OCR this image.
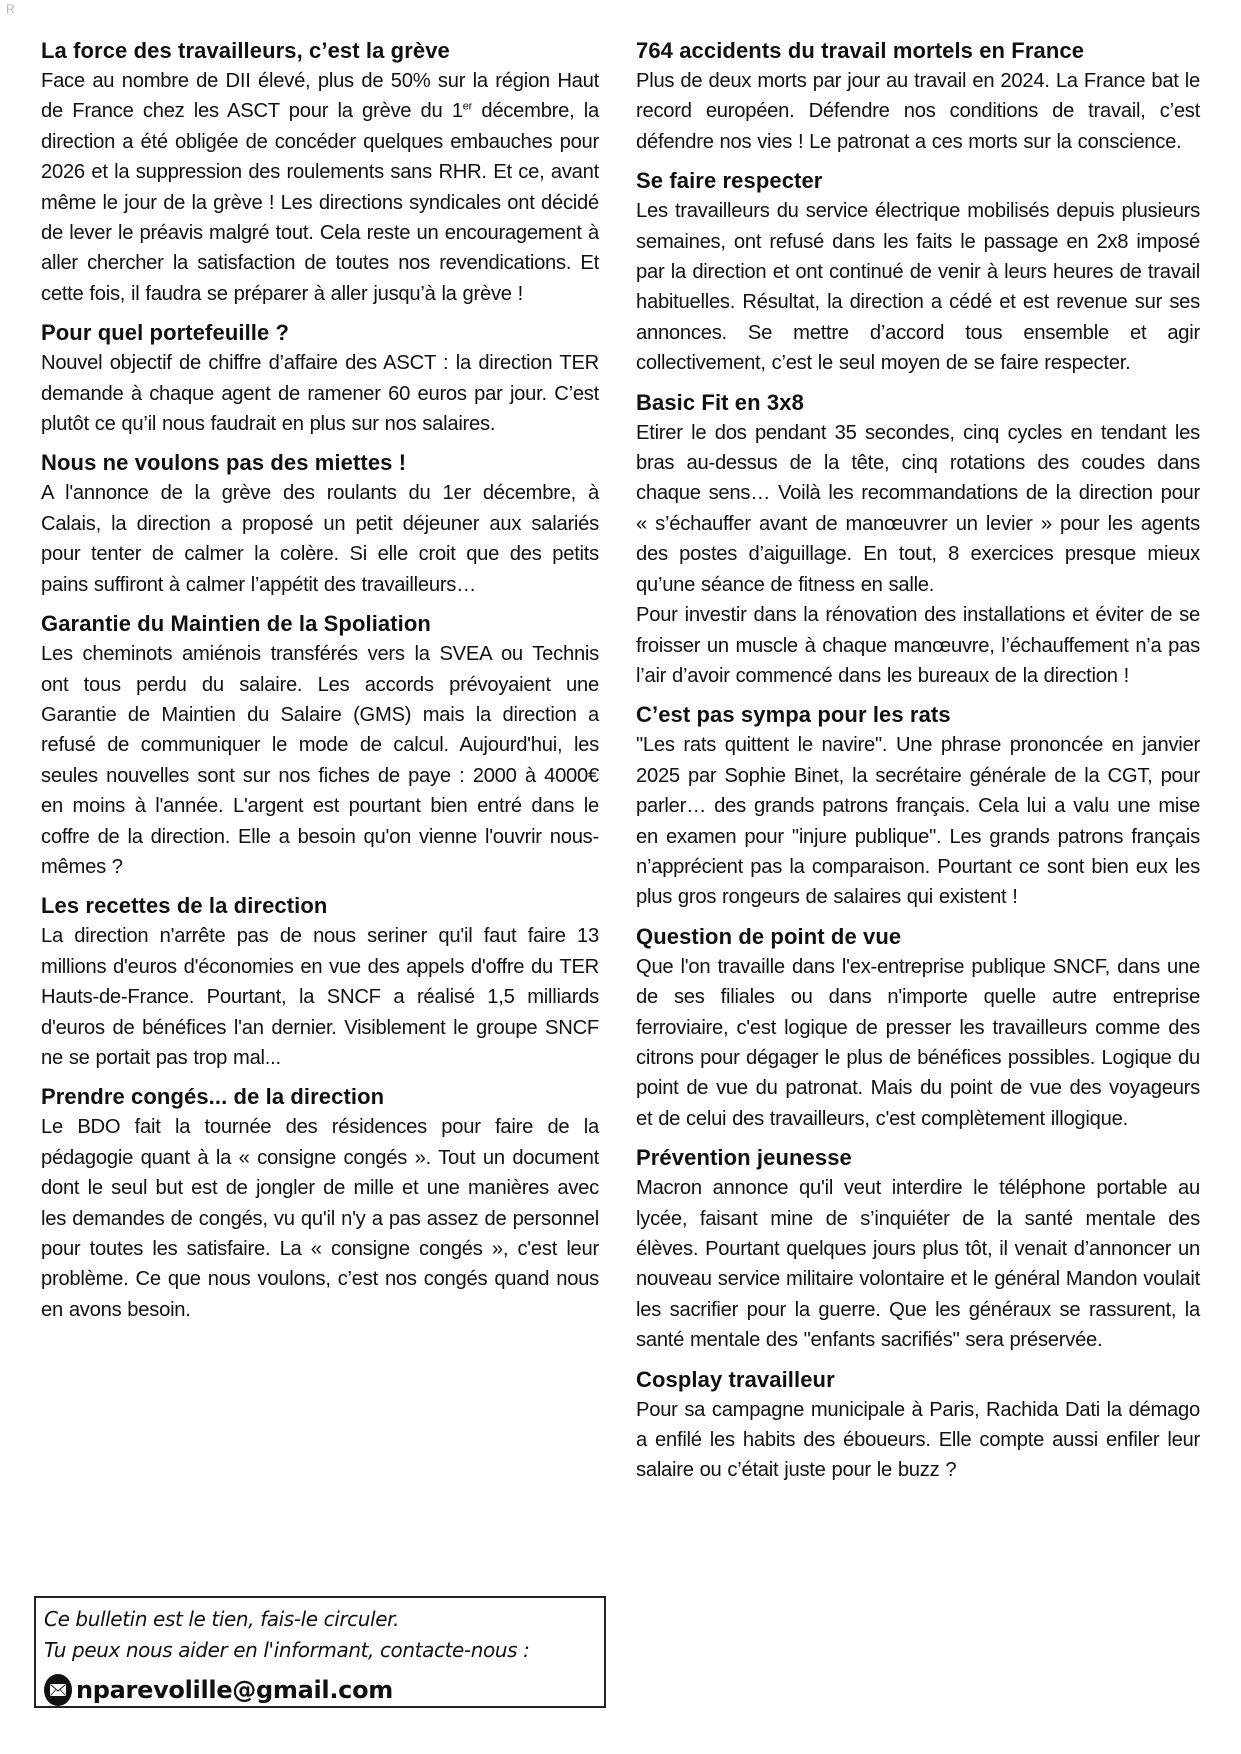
R
La force des travailleurs, c’est la grève

Face au nombre de DII élevé, plus de 50% sur la région Haut de France chez les ASCT pour la grève du 1er décembre, la direction a été obligée de concéder quelques embauches pour 2026 et la suppression des roulements sans RHR. Et ce, avant même le jour de la grève ! Les directions syndicales ont décidé de lever le préavis malgré tout. Cela reste un encouragement à aller chercher la satisfaction de toutes nos revendications. Et cette fois, il faudra se préparer à aller jusqu’à la grève !

Pour quel portefeuille ?

Nouvel objectif de chiffre d’affaire des ASCT : la direction TER demande à chaque agent de ramener 60 euros par jour. C’est plutôt ce qu’il nous faudrait en plus sur nos salaires.

Nous ne voulons pas des miettes !

A l'annonce de la grève des roulants du 1er décembre, à Calais, la direction a proposé un petit déjeuner aux salariés pour tenter de calmer la colère. Si elle croit que des petits pains suffiront à calmer l’appétit des travailleurs…

Garantie du Maintien de la Spoliation

Les cheminots amiénois transférés vers la SVEA ou Technis ont tous perdu du salaire. Les accords prévoyaient une Garantie de Maintien du Salaire (GMS) mais la direction a refusé de communiquer le mode de calcul. Aujourd'hui, les seules nouvelles sont sur nos fiches de paye : 2000 à 4000€ en moins à l'année. L'argent est pourtant bien entré dans le coffre de la direction. Elle a besoin qu'on vienne l'ouvrir nous-mêmes ?

Les recettes de la direction

La direction n'arrête pas de nous seriner qu'il faut faire 13 millions d'euros d'économies en vue des appels d'offre du TER Hauts-de-France. Pourtant, la SNCF a réalisé 1,5 milliards d'euros de bénéfices l'an dernier. Visiblement le groupe SNCF ne se portait pas trop mal...

Prendre congés... de la direction

Le BDO fait la tournée des résidences pour faire de la pédagogie quant à la « consigne congés ». Tout un document dont le seul but est de jongler de mille et une manières avec les demandes de congés, vu qu'il n'y a pas assez de personnel pour toutes les satisfaire. La « consigne congés », c'est leur problème. Ce que nous voulons, c’est nos congés quand nous en avons besoin.

764 accidents du travail mortels en France

Plus de deux morts par jour au travail en 2024. La France bat le record européen. Défendre nos conditions de travail, c’est défendre nos vies ! Le patronat a ces morts sur la conscience.

Se faire respecter

Les travailleurs du service électrique mobilisés depuis plusieurs semaines, ont refusé dans les faits le passage en 2x8 imposé par la direction et ont continué de venir à leurs heures de travail habituelles. Résultat, la direction a cédé et est revenue sur ses annonces. Se mettre d’accord tous ensemble et agir collectivement, c’est le seul moyen de se faire respecter.

Basic Fit en 3x8

Etirer le dos pendant 35 secondes, cinq cycles en tendant les bras au-dessus de la tête, cinq rotations des coudes dans chaque sens… Voilà les recommandations de la direction pour « s’échauffer avant de manœuvrer un levier » pour les agents des postes d’aiguillage. En tout, 8 exercices presque mieux qu’une séance de fitness en salle.

Pour investir dans la rénovation des installations et éviter de se froisser un muscle à chaque manœuvre, l’échauffement n’a pas l’air d’avoir commencé dans les bureaux de la direction !

C’est pas sympa pour les rats

"Les rats quittent le navire". Une phrase prononcée en janvier 2025 par Sophie Binet, la secrétaire générale de la CGT, pour parler… des grands patrons français. Cela lui a valu une mise en examen pour "injure publique". Les grands patrons français n’apprécient pas la comparaison. Pourtant ce sont bien eux les plus gros rongeurs de salaires qui existent !

Question de point de vue

Que l'on travaille dans l'ex-entreprise publique SNCF, dans une de ses filiales ou dans n'importe quelle autre entreprise ferroviaire, c'est logique de presser les travailleurs comme des citrons pour dégager le plus de bénéfices possibles. Logique du point de vue du patronat. Mais du point de vue des voyageurs et de celui des travailleurs, c'est complètement illogique.

Prévention jeunesse

Macron annonce qu'il veut interdire le téléphone portable au lycée, faisant mine de s’inquiéter de la santé mentale des élèves. Pourtant quelques jours plus tôt, il venait d’annoncer un nouveau service militaire volontaire et le général Mandon voulait les sacrifier pour la guerre. Que les généraux se rassurent, la santé mentale des "enfants sacrifiés" sera préservée.

Cosplay travailleur

Pour sa campagne municipale à Paris, Rachida Dati la démago a enfilé les habits des éboueurs. Elle compte aussi enfiler leur salaire ou c’était juste pour le buzz ?

Ce bulletin est le tien, fais-le circuler.
Tu peux nous aider en l'informant, contacte-nous :
nparevolille@gmail.com
